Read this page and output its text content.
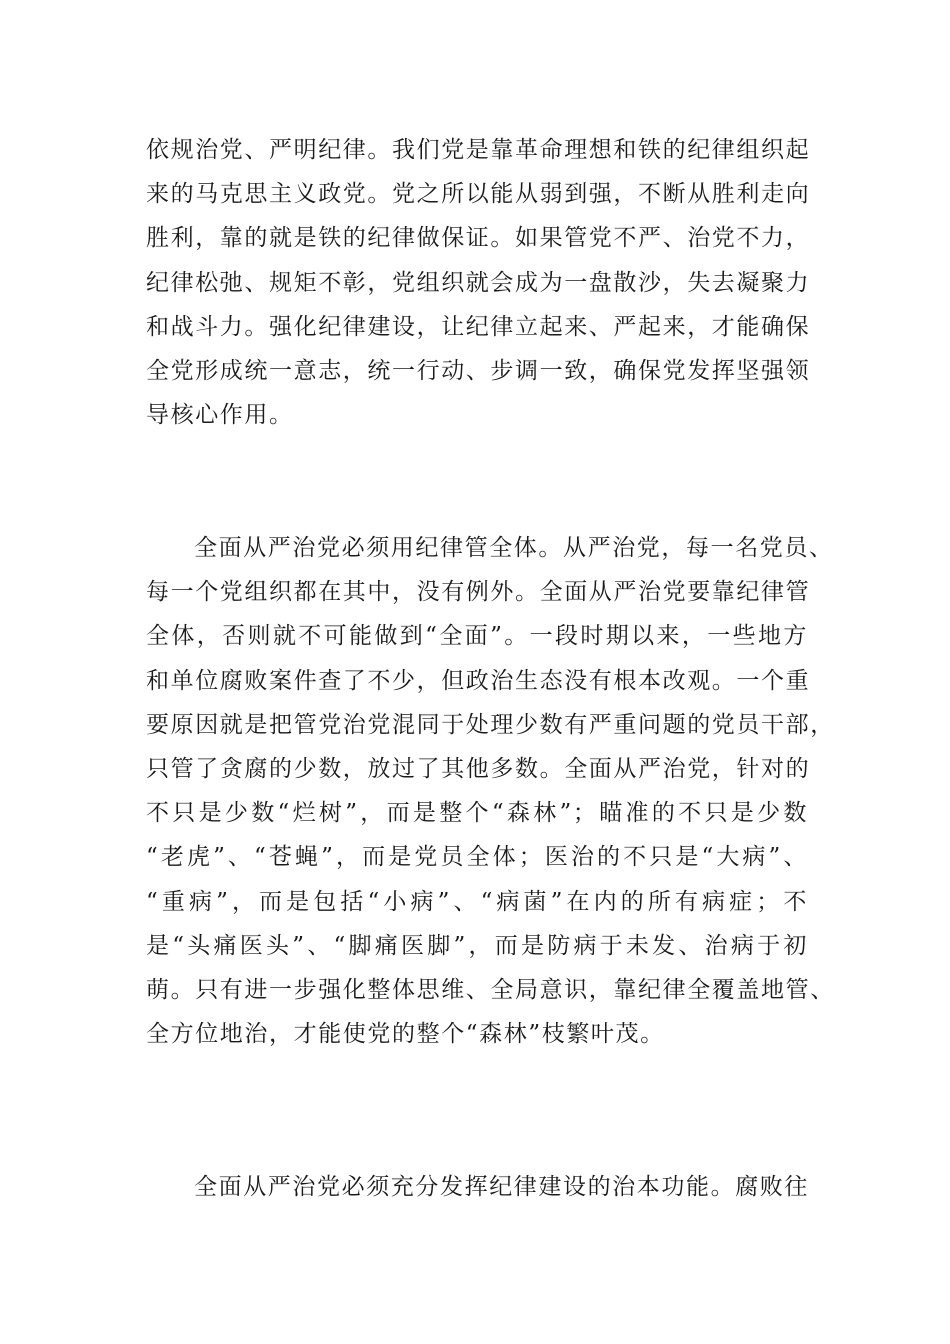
依规治党、严明纪律。我们党是靠革命理想和铁的纪律组织起
来的马克思主义政党。党之所以能从弱到强，不断从胜利走向
胜利，靠的就是铁的纪律做保证。如果管党不严、治党不力，
纪律松弛、规矩不彰，党组织就会成为一盘散沙，失去凝聚力
和战斗力。强化纪律建设，让纪律立起来、严起来，才能确保
全党形成统一意志，统一行动、步调一致，确保党发挥坚强领
导核心作用。
全面从严治党必须用纪律管全体。从严治党，每一名党员、
每一个党组织都在其中，没有例外。全面从严治党要靠纪律管
全体，否则就不可能做到“全面”。一段时期以来，一些地方
和单位腐败案件查了不少，但政治生态没有根本改观。一个重
要原因就是把管党治党混同于处理少数有严重问题的党员干部，
只管了贪腐的少数，放过了其他多数。全面从严治党，针对的
不只是少数“烂树”，而是整个“森林”；瞄准的不只是少数
“老虎”、“苍蝇”，而是党员全体；医治的不只是“大病”、
“重病”，而是包括“小病”、“病菌”在内的所有病症；不
是“头痛医头”、“脚痛医脚”，而是防病于未发、治病于初
萌。只有进一步强化整体思维、全局意识，靠纪律全覆盖地管、
全方位地治，才能使党的整个“森林”枝繁叶茂。
全面从严治党必须充分发挥纪律建设的治本功能。腐败往
